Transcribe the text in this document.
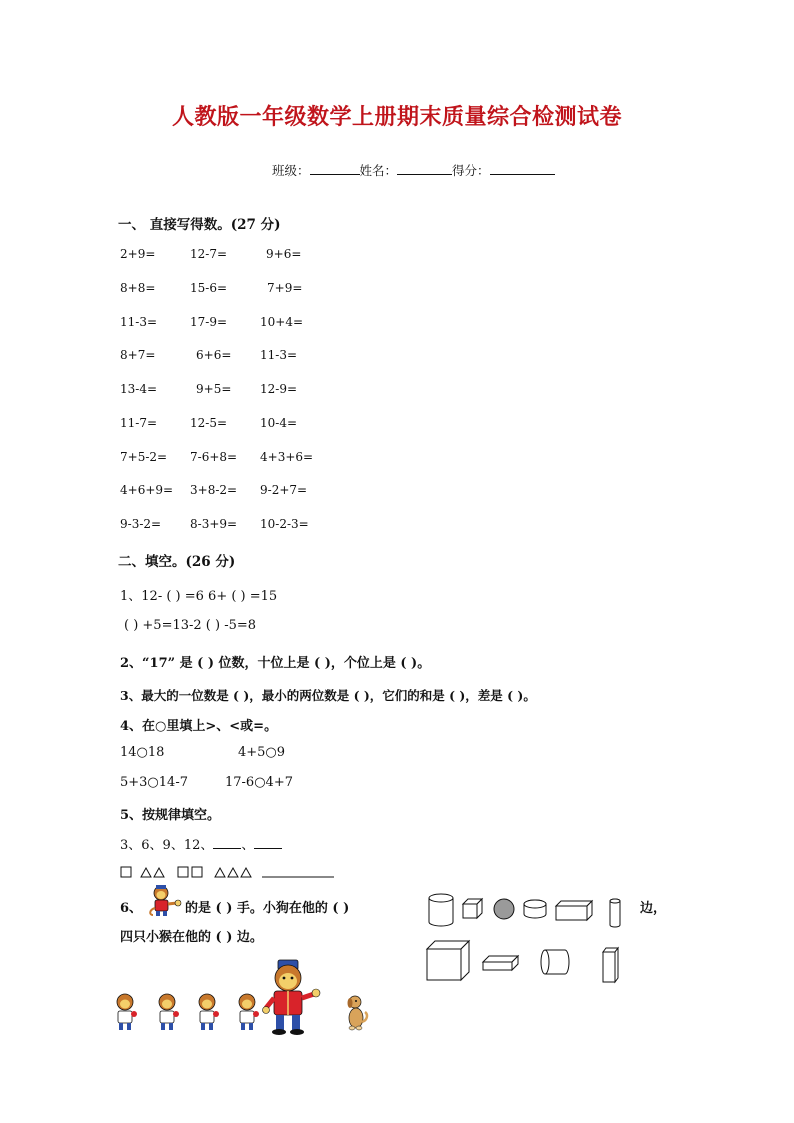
人教版一年级数学上册期末质量综合检测试卷
班级：	姓名：	得分：
一、 直接写得数。(27 分)
2+9=	12-7=	9+6=
8+8=	15-6=	7+9=
11-3=	17-9=	10+4=
8+7=	6+6= 11-3=
13-4=	9+5= 12-9=
11-7=	12-5=	10-4=
7+5-2= 7-6+8= 4+3+6=
4+6+9= 3+8-2= 9-2+7=
9-3-2= 8-3+9= 10-2-3=
二、填空。(26 分)
1、12- ( ) =6 6+ ( ) =15
( ) +5=13-2 ( ) -5=8
2、“17” 是 ( ) 位数，十位上是 ( )，个位上是 ( )。
3、最大的一位数是 ( )，最小的两位数是 ( )，它们的和是 ( )，差是 ( )。
4、在○里填上>、<或=。
14○18	4+5○9
5+3○14-7	17-6○4+7
5、按规律填空。
3、6、9、12、 、
6、	的是 ( ) 手。小狗在他的 ( )	边，
四只小猴在他的 ( ) 边。
